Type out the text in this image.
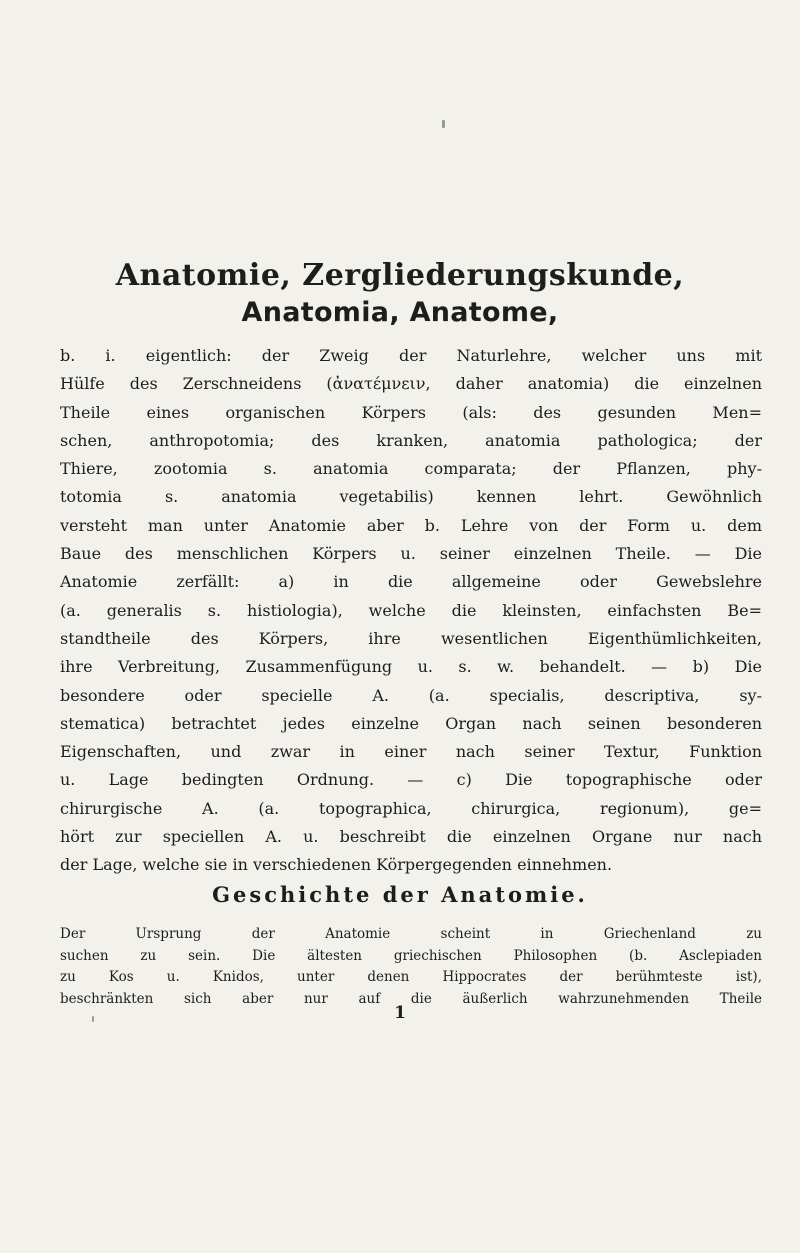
Anatomie, Zergliederungskunde,
Anatomia, Anatome,
b. i. eigentlich: der Zweig der Naturlehre, welcher uns mit
Hülfe des Zerschneidens (ἀνατέμνειν, daher anatomia) die einzelnen
Theile eines organischen Körpers (als: des gesunden Men=
schen, anthropotomia; des kranken, anatomia pathologica; der
Thiere, zootomia s. anatomia comparata; der Pflanzen, phy-
totomia s. anatomia vegetabilis) kennen lehrt. Gewöhnlich
versteht man unter Anatomie aber b. Lehre von der Form u. dem
Baue des menschlichen Körpers u. seiner einzelnen Theile. — Die
Anatomie zerfällt: a) in die allgemeine oder Gewebslehre
(a. generalis s. histiologia), welche die kleinsten, einfachsten Be=
standtheile des Körpers, ihre wesentlichen Eigenthümlichkeiten,
ihre Verbreitung, Zusammenfügung u. s. w. behandelt. — b) Die
besondere oder specielle A. (a. specialis, descriptiva, sy-
stematica) betrachtet jedes einzelne Organ nach seinen besonderen
Eigenschaften, und zwar in einer nach seiner Textur, Funktion
u. Lage bedingten Ordnung. — c) Die topographische oder
chirurgische A. (a. topographica, chirurgica, regionum), ge=
hört zur speciellen A. u. beschreibt die einzelnen Organe nur nach
der Lage, welche sie in verschiedenen Körpergegenden einnehmen.
Geschichte der Anatomie.
Der Ursprung der Anatomie scheint in Griechenland zu
suchen zu sein. Die ältesten griechischen Philosophen (b. Asclepiaden
zu Kos u. Knidos, unter denen Hippocrates der berühmteste ist),
beschränkten sich aber nur auf die äußerlich wahrzunehmenden Theile
1
